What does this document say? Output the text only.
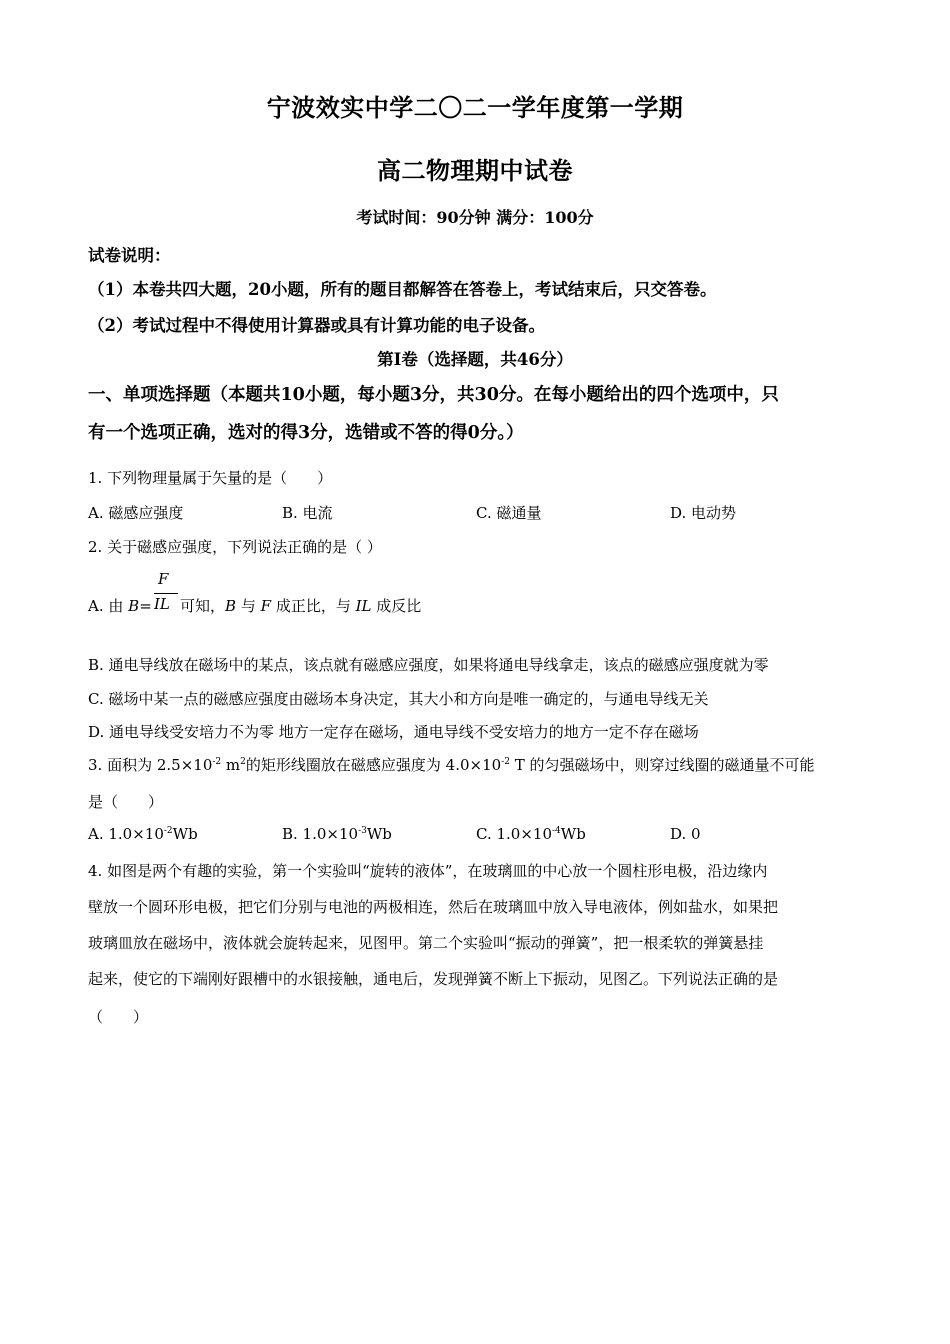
宁波效实中学二〇二一学年度第一学期
高二物理期中试卷
考试时间：90分钟 满分：100分
试卷说明：
（1）本卷共四大题，20小题，所有的题目都解答在答卷上，考试结束后，只交答卷。
（2）考试过程中不得使用计算器或具有计算功能的电子设备。
第Ⅰ卷（选择题，共46分）
一、单项选择题（本题共10小题，每小题3分，共30分。在每小题给出的四个选项中，只
有一个选项正确，选对的得3分，选错或不答的得0分。）
1. 下列物理量属于矢量的是（　　）
A. 磁感应强度	B. 电流	C. 磁通量	D. 电动势
2. 关于磁感应强度，下列说法正确的是（ ）
A. 由 B=
F
IL 可知，B 与 F 成正比，与 IL 成反比
B. 通电导线放在磁场中的某点，该点就有磁感应强度，如果将通电导线拿走，该点的磁感应强度就为零
C. 磁场中某一点的磁感应强度由磁场本身决定，其大小和方向是唯一确定的，与通电导线无关
D. 通电导线受安培力不为零 地方一定存在磁场，通电导线不受安培力的地方一定不存在磁场
3. 面积为 $2.5\times 10^{-2}$ $m^2$的矩形线圈放在磁感应强度为 $4.0\times 10^{-2}$ T 的匀强磁场中，则穿过线圈的磁通量不可能
是（　　）
A. $1.0\times 10^{-2}Wb$	B. $1.0\times 10^{-3}Wb$	C. $1.0\times 10^{-4}Wb$	D. 0
4. 如图是两个有趣的实验，第一个实验叫“旋转的液体”，在玻璃皿的中心放一个圆柱形电极，沿边缘内
壁放一个圆环形电极，把它们分别与电池的两极相连，然后在玻璃皿中放入导电液体，例如盐水，如果把
玻璃皿放在磁场中，液体就会旋转起来，见图甲。第二个实验叫“振动的弹簧”，把一根柔软的弹簧悬挂
起来，使它的下端刚好跟槽中的水银接触，通电后，发现弹簧不断上下振动，见图乙。下列说法正确的是
（　　）
